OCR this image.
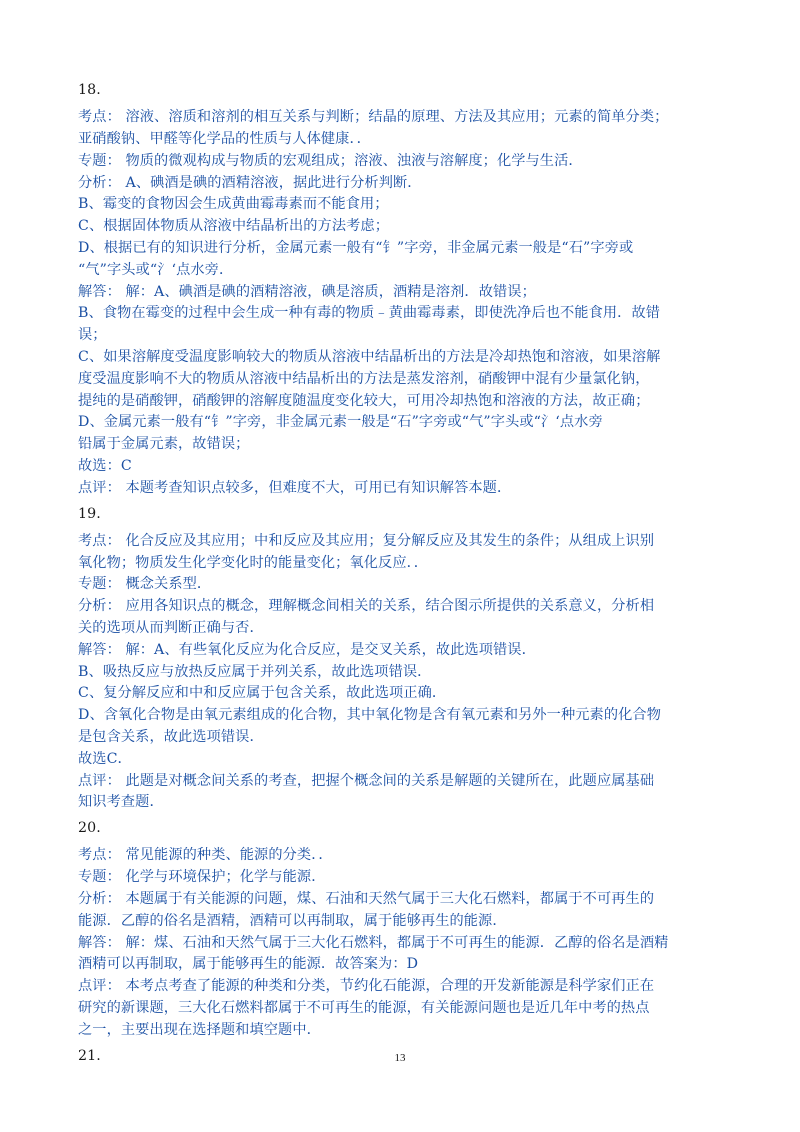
18.
考点： 溶液、溶质和溶剂的相互关系与判断；结晶的原理、方法及其应用；元素的简单分类；
亚硝酸钠、甲醛等化学品的性质与人体健康．．
专题： 物质的微观构成与物质的宏观组成；溶液、浊液与溶解度；化学与生活．
分析： A、碘酒是碘的酒精溶液，据此进行分析判断．
B、霉变的食物因会生成黄曲霉毒素而不能食用；
C、根据固体物质从溶液中结晶析出的方法考虑；
D、根据已有的知识进行分析，金属元素一般有“钅”字旁，非金属元素一般是“石”字旁或
“气”字头或“氵‘点水旁．
解答： 解：A、碘酒是碘的酒精溶液，碘是溶质，酒精是溶剂．故错误；
B、食物在霉变的过程中会生成一种有毒的物质﹣黄曲霉毒素，即使洗净后也不能食用．故错
误；
C、如果溶解度受温度影响较大的物质从溶液中结晶析出的方法是冷却热饱和溶液，如果溶解
度受温度影响不大的物质从溶液中结晶析出的方法是蒸发溶剂，硝酸钾中混有少量氯化钠，
提纯的是硝酸钾，硝酸钾的溶解度随温度变化较大，可用冷却热饱和溶液的方法，故正确；
D、金属元素一般有“钅”字旁，非金属元素一般是“石”字旁或“气”字头或“氵‘点水旁
铅属于金属元素，故错误；
故选：C
点评： 本题考查知识点较多，但难度不大，可用已有知识解答本题．
19.
考点： 化合反应及其应用；中和反应及其应用；复分解反应及其发生的条件；从组成上识别
氧化物；物质发生化学变化时的能量变化；氧化反应．．
专题： 概念关系型．
分析： 应用各知识点的概念，理解概念间相关的关系，结合图示所提供的关系意义，分析相
关的选项从而判断正确与否．
解答： 解：A、有些氧化反应为化合反应，是交叉关系，故此选项错误．
B、吸热反应与放热反应属于并列关系，故此选项错误．
C、复分解反应和中和反应属于包含关系，故此选项正确．
D、含氧化合物是由氧元素组成的化合物，其中氧化物是含有氧元素和另外一种元素的化合物
是包含关系，故此选项错误．
故选C．
点评： 此题是对概念间关系的考查，把握个概念间的关系是解题的关键所在，此题应属基础
知识考查题．
20.
考点： 常见能源的种类、能源的分类．．
专题： 化学与环境保护；化学与能源．
分析： 本题属于有关能源的问题，煤、石油和天然气属于三大化石燃料，都属于不可再生的
能源．乙醇的俗名是酒精，酒精可以再制取，属于能够再生的能源．
解答： 解：煤、石油和天然气属于三大化石燃料，都属于不可再生的能源．乙醇的俗名是酒精
酒精可以再制取，属于能够再生的能源．故答案为：D
点评： 本考点考查了能源的种类和分类，节约化石能源，合理的开发新能源是科学家们正在
研究的新课题，三大化石燃料都属于不可再生的能源，有关能源问题也是近几年中考的热点
之一，主要出现在选择题和填空题中．
21.	13
